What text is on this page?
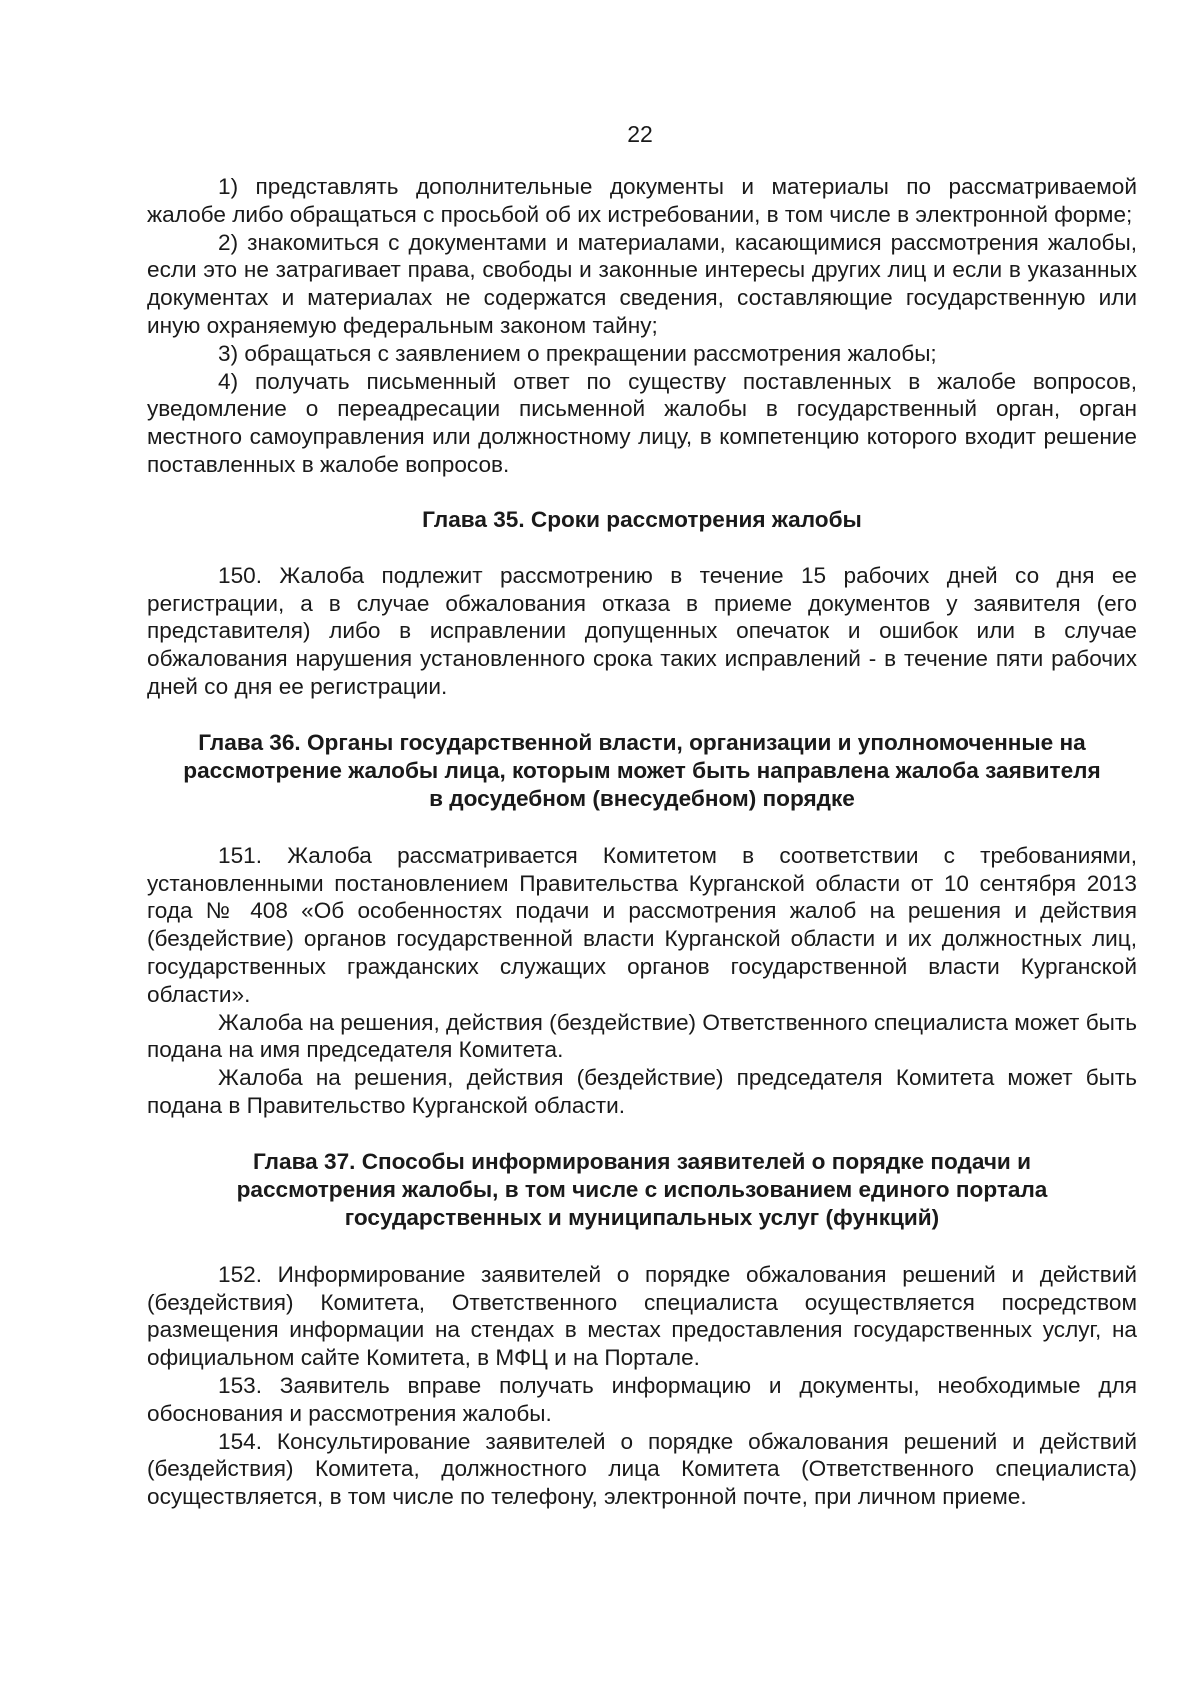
22

1) представлять дополнительные документы и материалы по рассматриваемой жалобе либо обращаться с просьбой об их истребовании, в том числе в электронной форме;

2) знакомиться с документами и материалами, касающимися рассмотрения жалобы, если это не затрагивает права, свободы и законные интересы других лиц и если в указанных документах и материалах не содержатся сведения, составляющие государственную или иную охраняемую федеральным законом тайну;

3) обращаться с заявлением о прекращении рассмотрения жалобы;

4) получать письменный ответ по существу поставленных в жалобе вопросов, уведомление о переадресации письменной жалобы в государственный орган, орган местного самоуправления или должностному лицу, в компетенцию которого входит решение поставленных в жалобе вопросов.

Глава 35. Сроки рассмотрения жалобы

150. Жалоба подлежит рассмотрению в течение 15 рабочих дней со дня ее регистрации, а в случае обжалования отказа в приеме документов у заявителя (его представителя) либо в исправлении допущенных опечаток и ошибок или в случае обжалования нарушения установленного срока таких исправлений - в течение пяти рабочих дней со дня ее регистрации.

Глава 36. Органы государственной власти, организации и уполномоченные на
рассмотрение жалобы лица, которым может быть направлена жалоба заявителя
в досудебном (внесудебном) порядке

151. Жалоба рассматривается Комитетом в соответствии с требованиями, установленными постановлением Правительства Курганской области от 10 сентября 2013 года № 408 «Об особенностях подачи и рассмотрения жалоб на решения и действия (бездействие) органов государственной власти Курганской области и их должностных лиц, государственных гражданских служащих органов государственной власти Курганской области».

Жалоба на решения, действия (бездействие) Ответственного специалиста может быть подана на имя председателя Комитета.

Жалоба на решения, действия (бездействие) председателя Комитета может быть подана в Правительство Курганской области.

Глава 37. Способы информирования заявителей о порядке подачи и
рассмотрения жалобы, в том числе с использованием единого портала
государственных и муниципальных услуг (функций)

152. Информирование заявителей о порядке обжалования решений и действий (бездействия) Комитета, Ответственного специалиста осуществляется посредством размещения информации на стендах в местах предоставления государственных услуг, на официальном сайте Комитета, в МФЦ и на Портале.

153. Заявитель вправе получать информацию и документы, необходимые для обоснования и рассмотрения жалобы.

154. Консультирование заявителей о порядке обжалования решений и действий (бездействия) Комитета, должностного лица Комитета (Ответственного специалиста) осуществляется, в том числе по телефону, электронной почте, при личном приеме.
